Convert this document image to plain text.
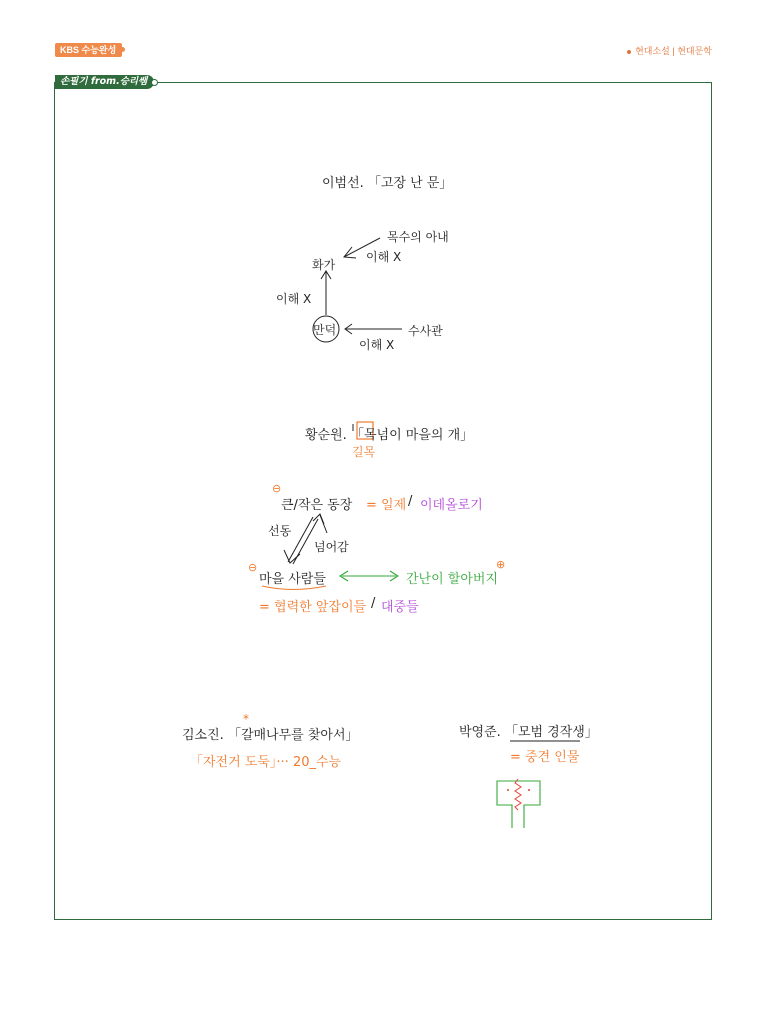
KBS 수능완성	현대소설 | 현대문학
손필기 from.승리쌤
이범선. 「고장 난 문」
목수의 아내
이해 X
화가
이해 X
만덕	수사관
이해 X
황순원. 「목넘이 마을의 개」
길목
⊖
큰/작은 동장 = 일제 / 이데올로기
선동
넘어감
⊖
마을 사람들	간난이 할아버지
⊕
= 협력한 앞잡이들 / 대중들
김소진. 「갈매나무를 찾아서」
*
「자전거 도둑」··· 20_수능
박영준. 「모범 경작생」
= 중견 인물
